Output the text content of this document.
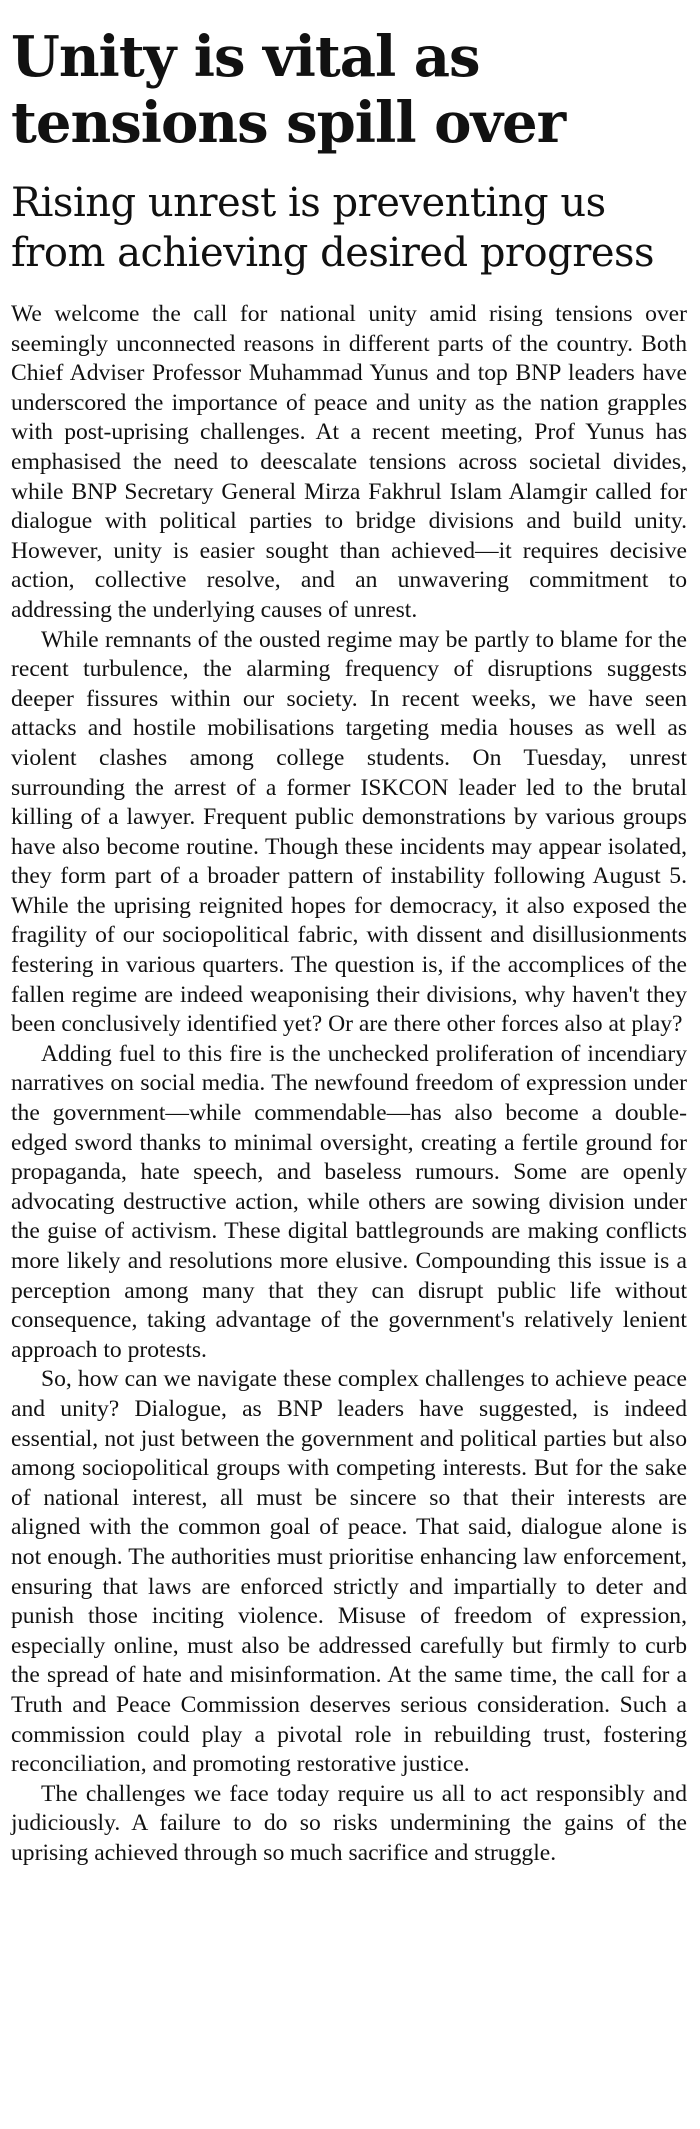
Unity is vital as tensions spill over
Rising unrest is preventing us from achieving desired progress

We welcome the call for national unity amid rising tensions over seemingly unconnected reasons in different parts of the country. Both Chief Adviser Professor Muhammad Yunus and top BNP leaders have underscored the importance of peace and unity as the nation grapples with post-uprising challenges. At a recent meeting, Prof Yunus has emphasised the need to deescalate tensions across societal divides, while BNP Secretary General Mirza Fakhrul Islam Alamgir called for dialogue with political parties to bridge divisions and build unity. However, unity is easier sought than achieved—it requires decisive action, collective resolve, and an unwavering commitment to addressing the underlying causes of unrest.

While remnants of the ousted regime may be partly to blame for the recent turbulence, the alarming frequency of disruptions suggests deeper fissures within our society. In recent weeks, we have seen attacks and hostile mobilisations targeting media houses as well as violent clashes among college students. On Tuesday, unrest surrounding the arrest of a former ISKCON leader led to the brutal killing of a lawyer. Frequent public demonstrations by various groups have also become routine. Though these incidents may appear isolated, they form part of a broader pattern of instability following August 5. While the uprising reignited hopes for democracy, it also exposed the fragility of our sociopolitical fabric, with dissent and disillusionments festering in various quarters. The question is, if the accomplices of the fallen regime are indeed weaponising their divisions, why haven't they been conclusively identified yet? Or are there other forces also at play?

Adding fuel to this fire is the unchecked proliferation of incendiary narratives on social media. The newfound freedom of expression under the government—while commendable—has also become a double-edged sword thanks to minimal oversight, creating a fertile ground for propaganda, hate speech, and baseless rumours. Some are openly advocating destructive action, while others are sowing division under the guise of activism. These digital battlegrounds are making conflicts more likely and resolutions more elusive. Compounding this issue is a perception among many that they can disrupt public life without consequence, taking advantage of the government's relatively lenient approach to protests.

So, how can we navigate these complex challenges to achieve peace and unity? Dialogue, as BNP leaders have suggested, is indeed essential, not just between the government and political parties but also among sociopolitical groups with competing interests. But for the sake of national interest, all must be sincere so that their interests are aligned with the common goal of peace. That said, dialogue alone is not enough. The authorities must prioritise enhancing law enforcement, ensuring that laws are enforced strictly and impartially to deter and punish those inciting violence. Misuse of freedom of expression, especially online, must also be addressed carefully but firmly to curb the spread of hate and misinformation. At the same time, the call for a Truth and Peace Commission deserves serious consideration. Such a commission could play a pivotal role in rebuilding trust, fostering reconciliation, and promoting restorative justice.

The challenges we face today require us all to act responsibly and judiciously. A failure to do so risks undermining the gains of the uprising achieved through so much sacrifice and struggle.
